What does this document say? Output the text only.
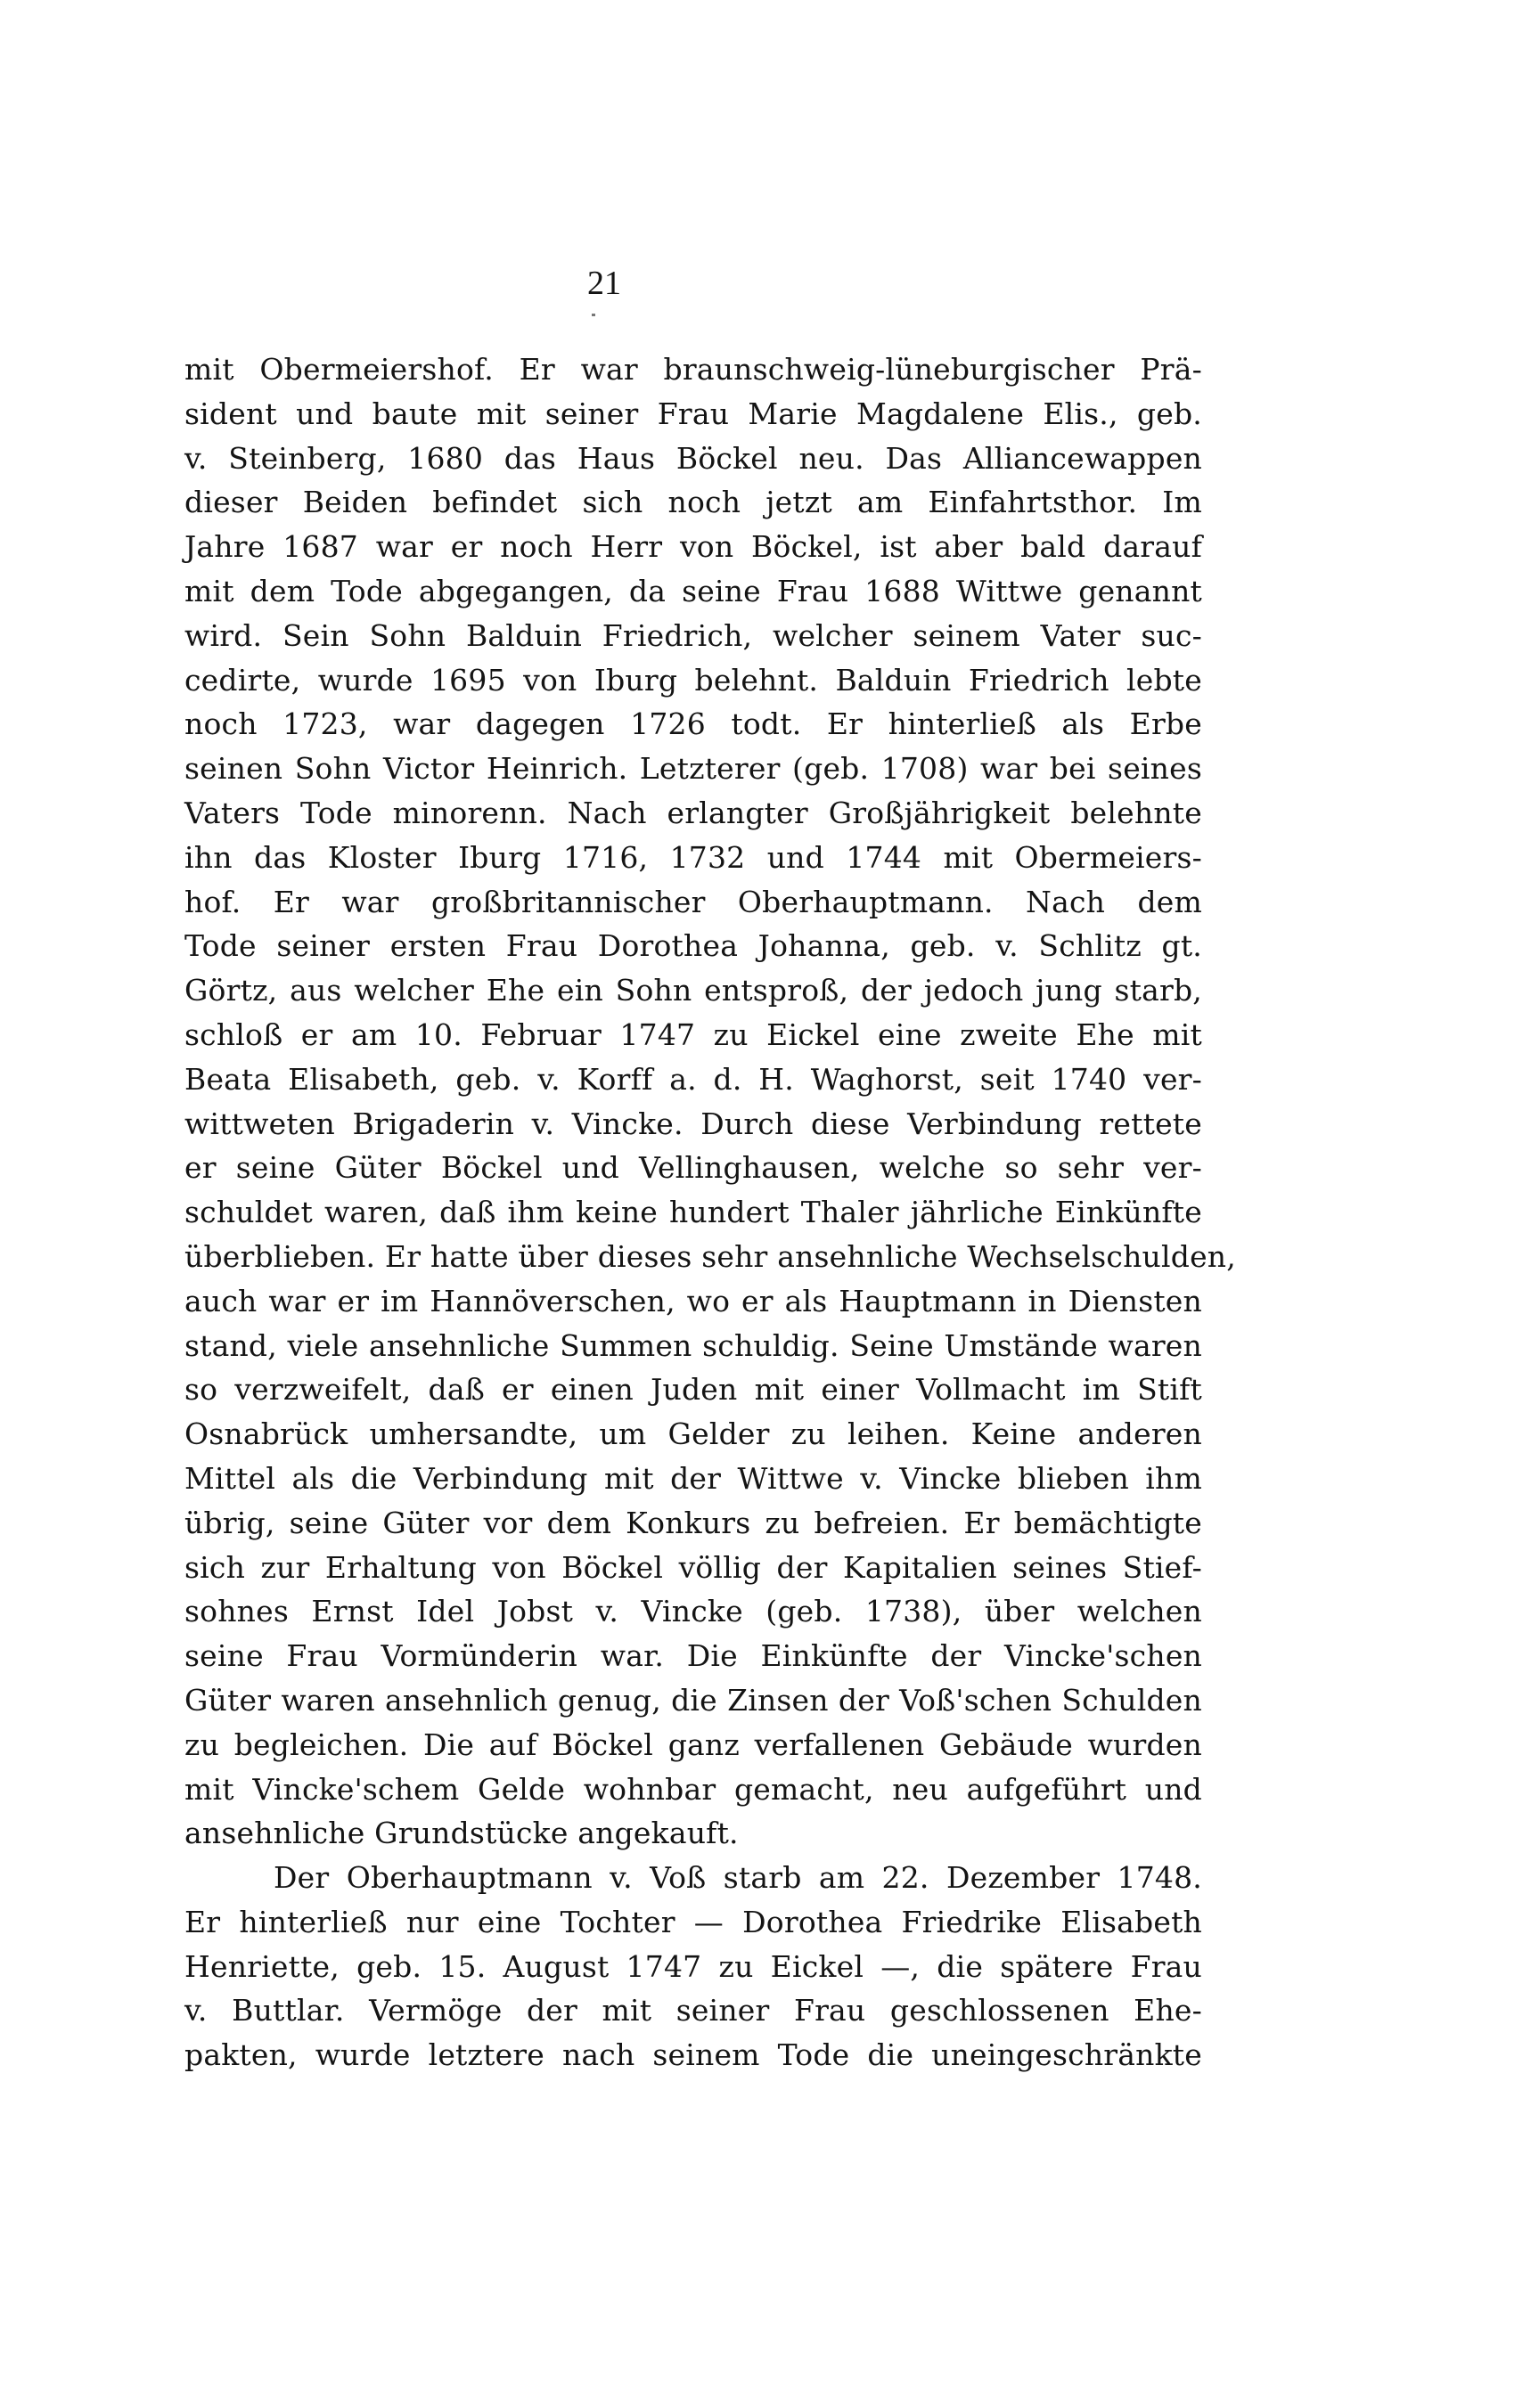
21
mit Obermeiershof. Er war braunschweig-lüneburgischer Prä-
sident und baute mit seiner Frau Marie Magdalene Elis., geb.
v. Steinberg, 1680 das Haus Böckel neu. Das Alliancewappen
dieser Beiden befindet sich noch jetzt am Einfahrtsthor. Im
Jahre 1687 war er noch Herr von Böckel, ist aber bald darauf
mit dem Tode abgegangen, da seine Frau 1688 Wittwe genannt
wird. Sein Sohn Balduin Friedrich, welcher seinem Vater suc-
cedirte, wurde 1695 von Iburg belehnt. Balduin Friedrich lebte
noch 1723, war dagegen 1726 todt. Er hinterließ als Erbe
seinen Sohn Victor Heinrich. Letzterer (geb. 1708) war bei seines
Vaters Tode minorenn. Nach erlangter Großjährigkeit belehnte
ihn das Kloster Iburg 1716, 1732 und 1744 mit Obermeiers-
hof. Er war großbritannischer Oberhauptmann. Nach dem
Tode seiner ersten Frau Dorothea Johanna, geb. v. Schlitz gt.
Görtz, aus welcher Ehe ein Sohn entsproß, der jedoch jung starb,
schloß er am 10. Februar 1747 zu Eickel eine zweite Ehe mit
Beata Elisabeth, geb. v. Korff a. d. H. Waghorst, seit 1740 ver-
wittweten Brigaderin v. Vincke. Durch diese Verbindung rettete
er seine Güter Böckel und Vellinghausen, welche so sehr ver-
schuldet waren, daß ihm keine hundert Thaler jährliche Einkünfte
überblieben. Er hatte über dieses sehr ansehnliche Wechselschulden,
auch war er im Hannöverschen, wo er als Hauptmann in Diensten
stand, viele ansehnliche Summen schuldig. Seine Umstände waren
so verzweifelt, daß er einen Juden mit einer Vollmacht im Stift
Osnabrück umhersandte, um Gelder zu leihen. Keine anderen
Mittel als die Verbindung mit der Wittwe v. Vincke blieben ihm
übrig, seine Güter vor dem Konkurs zu befreien. Er bemächtigte
sich zur Erhaltung von Böckel völlig der Kapitalien seines Stief-
sohnes Ernst Idel Jobst v. Vincke (geb. 1738), über welchen
seine Frau Vormünderin war. Die Einkünfte der Vincke'schen
Güter waren ansehnlich genug, die Zinsen der Voß'schen Schulden
zu begleichen. Die auf Böckel ganz verfallenen Gebäude wurden
mit Vincke'schem Gelde wohnbar gemacht, neu aufgeführt und
ansehnliche Grundstücke angekauft.
Der Oberhauptmann v. Voß starb am 22. Dezember 1748.
Er hinterließ nur eine Tochter — Dorothea Friedrike Elisabeth
Henriette, geb. 15. August 1747 zu Eickel —, die spätere Frau
v. Buttlar. Vermöge der mit seiner Frau geschlossenen Ehe-
pakten, wurde letztere nach seinem Tode die uneingeschränkte
